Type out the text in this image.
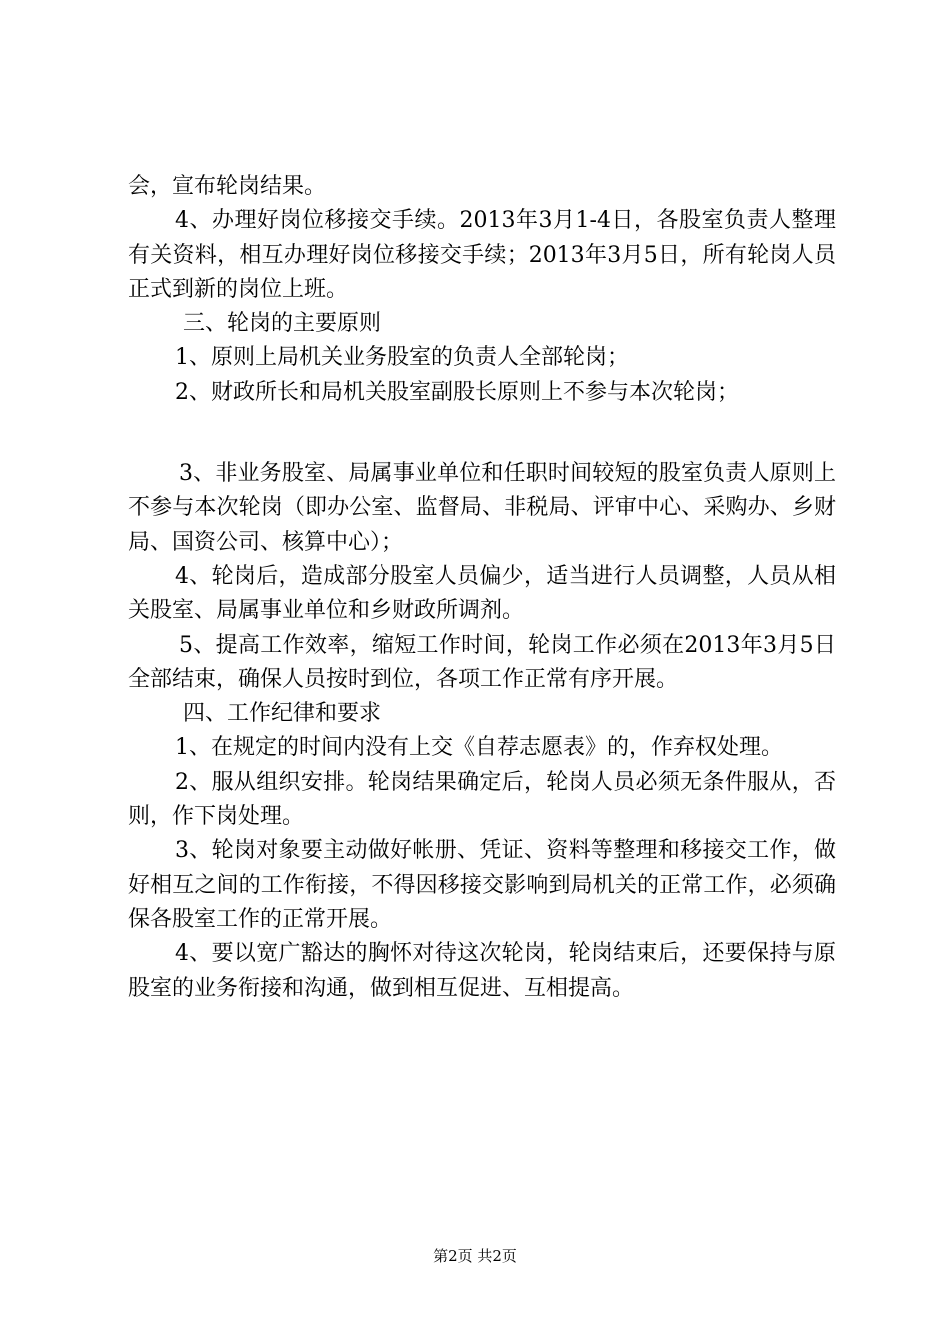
会，宣布轮岗结果。

4、办理好岗位移接交手续。2013年3月1-4日，各股室负责人整理有关资料，相互办理好岗位移接交手续；2013年3月5日，所有轮岗人员正式到新的岗位上班。

三、轮岗的主要原则

1、原则上局机关业务股室的负责人全部轮岗；

2、财政所长和局机关股室副股长原则上不参与本次轮岗；

3、非业务股室、局属事业单位和任职时间较短的股室负责人原则上不参与本次轮岗（即办公室、监督局、非税局、评审中心、采购办、乡财局、国资公司、核算中心）；

4、轮岗后，造成部分股室人员偏少，适当进行人员调整，人员从相关股室、局属事业单位和乡财政所调剂。

5、提高工作效率，缩短工作时间，轮岗工作必须在2013年3月5日全部结束，确保人员按时到位，各项工作正常有序开展。

四、工作纪律和要求

1、在规定的时间内没有上交《自荐志愿表》的，作弃权处理。

2、服从组织安排。轮岗结果确定后，轮岗人员必须无条件服从，否则，作下岗处理。

3、轮岗对象要主动做好帐册、凭证、资料等整理和移接交工作，做好相互之间的工作衔接，不得因移接交影响到局机关的正常工作，必须确保各股室工作的正常开展。

4、要以宽广豁达的胸怀对待这次轮岗，轮岗结束后，还要保持与原股室的业务衔接和沟通，做到相互促进、互相提高。

第2页 共2页
